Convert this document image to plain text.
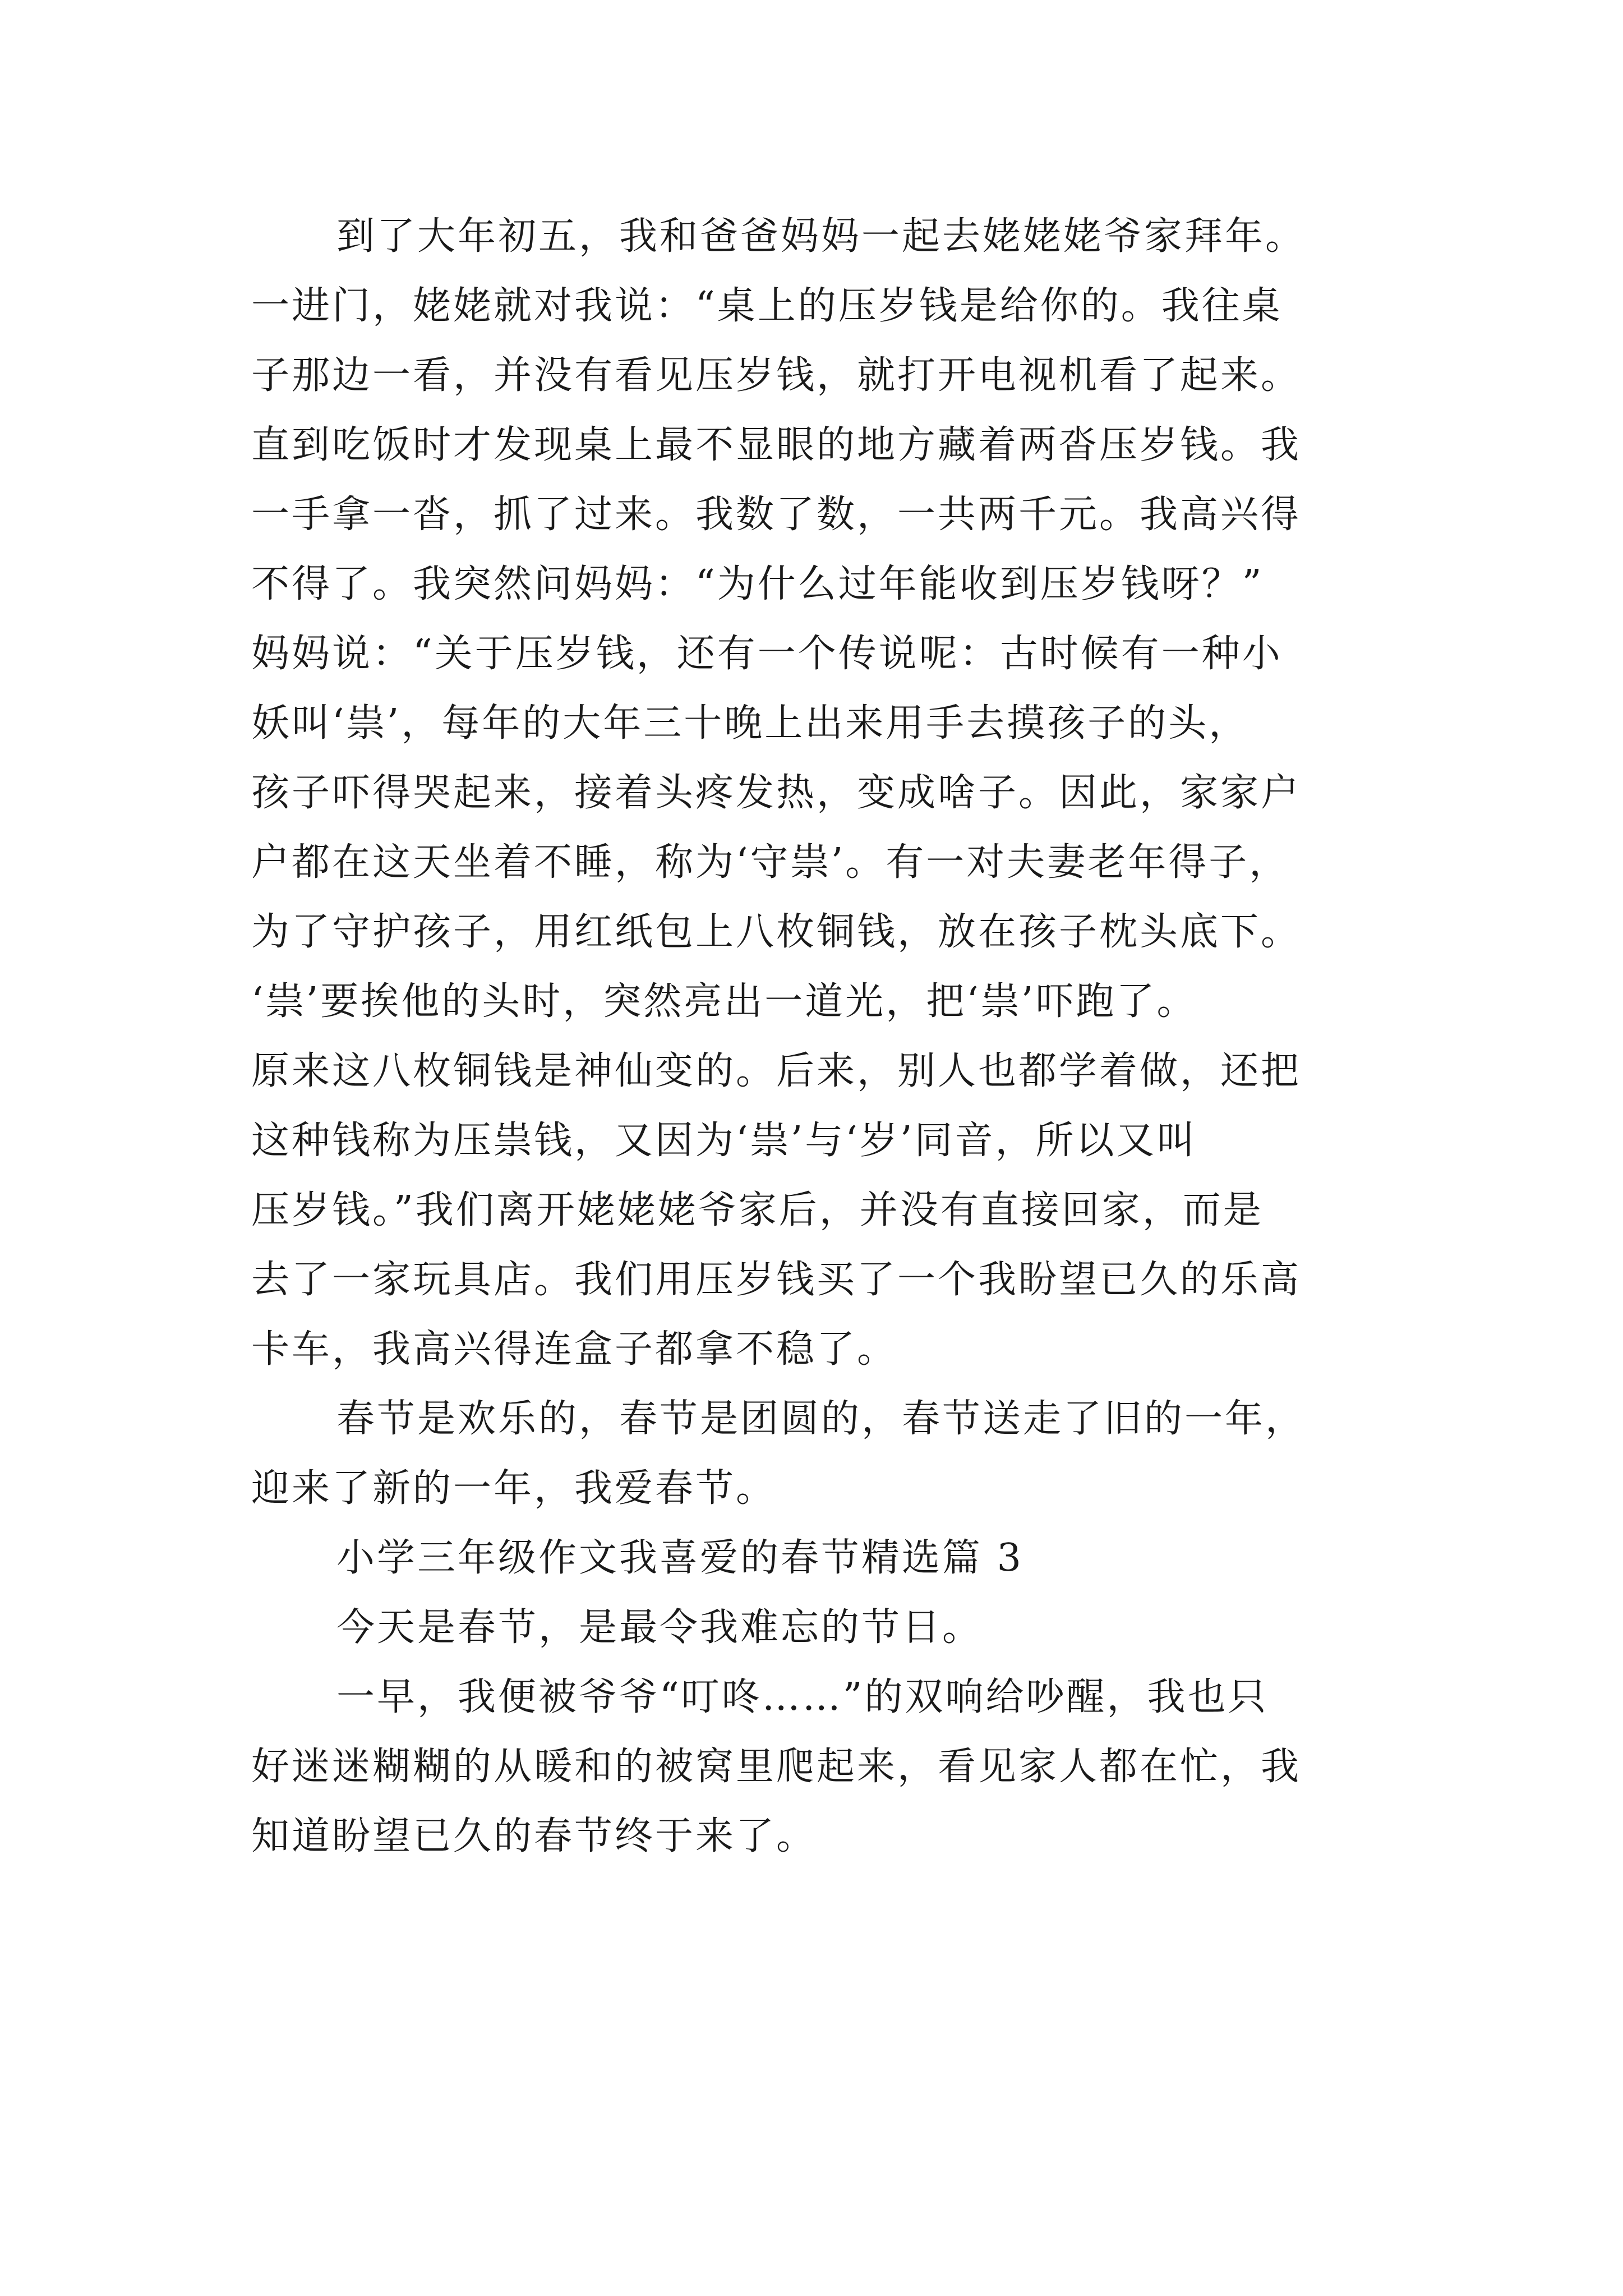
到了大年初五，我和爸爸妈妈一起去姥姥姥爷家拜年。
一进门，姥姥就对我说：“桌上的压岁钱是给你的。我往桌
子那边一看，并没有看见压岁钱，就打开电视机看了起来。
直到吃饭时才发现桌上最不显眼的地方藏着两沓压岁钱。我
一手拿一沓，抓了过来。我数了数，一共两千元。我高兴得
不得了。我突然问妈妈：“为什么过年能收到压岁钱呀？”
妈妈说：“关于压岁钱，还有一个传说呢：古时候有一种小
妖叫‘祟’，每年的大年三十晚上出来用手去摸孩子的头，
孩子吓得哭起来，接着头疼发热，变成啥子。因此，家家户
户都在这天坐着不睡，称为‘守祟’。有一对夫妻老年得子，
为了守护孩子，用红纸包上八枚铜钱，放在孩子枕头底下。
‘祟’要挨他的头时，突然亮出一道光，把‘祟’吓跑了。
原来这八枚铜钱是神仙变的。后来，别人也都学着做，还把
这种钱称为压祟钱，又因为‘祟’与‘岁’同音，所以又叫
压岁钱。”我们离开姥姥姥爷家后，并没有直接回家，而是
去了一家玩具店。我们用压岁钱买了一个我盼望已久的乐高
卡车，我高兴得连盒子都拿不稳了。
春节是欢乐的，春节是团圆的，春节送走了旧的一年，
迎来了新的一年，我爱春节。
小学三年级作文我喜爱的春节精选篇 3
今天是春节，是最令我难忘的节日。
一早，我便被爷爷“叮咚……”的双响给吵醒，我也只
好迷迷糊糊的从暖和的被窝里爬起来，看见家人都在忙，我
知道盼望已久的春节终于来了。
